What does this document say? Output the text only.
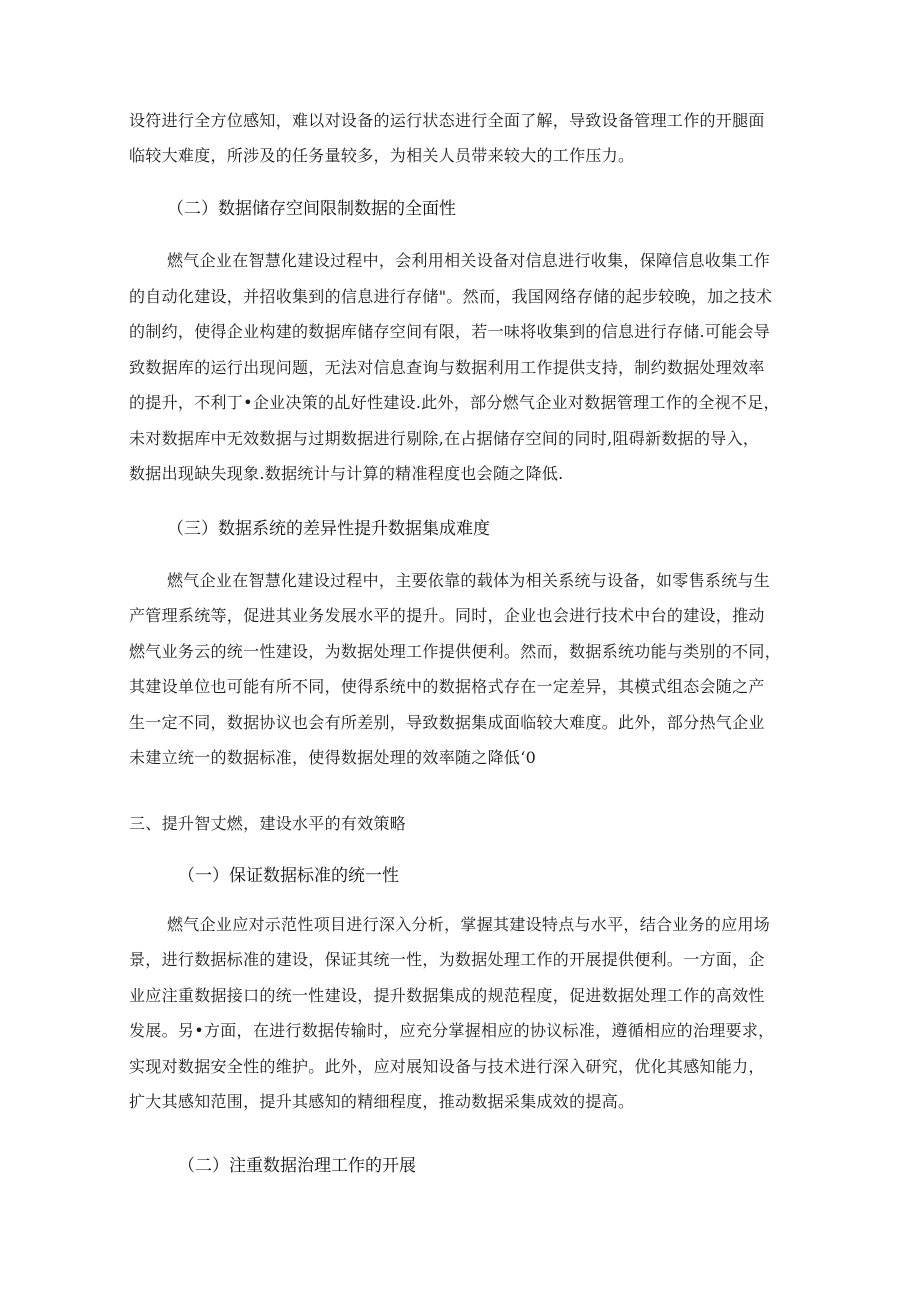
设符进行全方位感知，难以对设备的运行状态进行全面了解，导致设备管理工作的开腿面
临较大难度，所涉及的任务量较多，为相关人员带来较大的工作压力。
（二）数据储存空间限制数据的全面性
燃气企业在智慧化建设过程中，会利用相关设备对信息进行收集，保障信息收集工作
的自动化建设，并招收集到的信息进行存储"。然而，我国网络存储的起步较晚，加之技术
的制约，使得企业构建的数据库储存空间有限，若一味将收集到的信息进行存储.可能会导
致数据库的运行出现问题，无法对信息查询与数据利用工作提供支持，制约数据处理效率
的提升，不利丁•企业决策的乩好性建设.此外，部分燃气企业对数据管理工作的全视不足，
未对数据库中无效数据与过期数据进行剔除,在占据储存空间的同时,阻碍新数据的导入，
数据出现缺失现象.数据统计与计算的精准程度也会随之降低.
（三）数据系统的差异性提升数据集成难度
燃气企业在智慧化建设过程中，主要依靠的载体为相关系统与设备，如零售系统与生
产管理系统等，促进其业务发展水平的提升。同时，企业也会进行技术中台的建设，推动
燃气业务云的统一性建设，为数据处理工作提供便利。然而，数据系统功能与类别的不同，
其建设单位也可能有所不同，使得系统中的数据格式存在一定差异，其模式组态会随之产
生一定不同，数据协议也会有所差别，导致数据集成面临较大难度。此外，部分热气企业
未建立统一的数据标准，使得数据处理的效率随之降低‘0
三、提升智丈燃，建设水平的有效策略
（一）保证数据标准的统一性
燃气企业应对示范性项目进行深入分析，掌握其建设特点与水平，结合业务的应用场
景，进行数据标准的建设，保证其统一性，为数据处理工作的开展提供便利。一方面，企
业应注重数据接口的统一性建设，提升数据集成的规范程度，促进数据处理工作的高效性
发展。另•方面，在进行数据传输时，应充分掌握相应的协议标准，遵循相应的治理要求，
实现对数据安全性的维护。此外，应对展知设备与技术进行深入研究，优化其感知能力，
扩大其感知范围，提升其感知的精细程度，推动数据采集成效的提高。
（二）注重数据治理工作的开展
